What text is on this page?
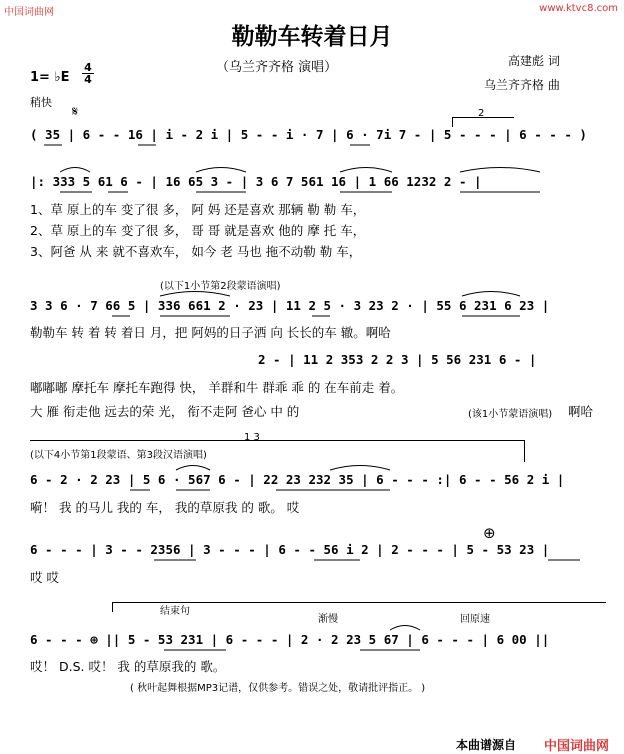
中国词曲网	www.ktvc8.com
勒勒车转着日月
（乌兰齐齐格 演唱）	高建彪 词
乌兰齐齐格 曲
1= ♭E
4
4
稍快
𝄋	2
( 35 | 6 - - 16 | i - 2 i | 5 - - i · 7 | 6 · 7i 7 - | 5 - - - | 6 - - - )
|: 333 5 61 6 - | 16 65 3 - | 3 6 7 561 16 | 1 66 1232 2 - |
1、草 原上的车 变了很 多， 阿 妈 还是喜欢 那辆 勒 勒 车，
2、草 原上的车 变了很 多， 哥 哥 就是喜欢 他的 摩 托 车，
3、阿爸 从 来 就不喜欢车， 如今 老 马也 拖不动勒 勒 车，
(以下1小节第2段蒙语演唱)
3 3 6 · 7 66 5 | 336 661 2 · 23 | 11 2 5 · 3 23 2 · | 55 6 231 6 23 |
勒勒车 转 着 转 着日 月，把 阿妈的日子洒 向 长长的车 辙。啊哈
2 - | 11 2 353 2 2 3 | 5 56 231 6 - |
嘟嘟嘟 摩托车 摩托车跑得 快， 羊群和牛 群乖 乖 的 在车前走 着。
大 雁 衔走他 远去的荣 光， 衔不走阿 爸心 中 的	(该1小节蒙语演唱) 啊哈
1 3
(以下4小节第1段蒙语、第3段汉语演唱)
6 - 2 · 2 23 | 5 6 · 567 6 - | 22 23 232 35 | 6 - - - :| 6 - - 56 2 i |
嗬！ 我 的马儿 我的 车， 我的草原我 的 歌。 哎
⊕
6 - - - | 3 - - 2356 | 3 - - - | 6 - - 56 i 2 | 2 - - - | 5 - 53 23 |
哎 哎
结束句
渐慢	回原速
6 - - - ⊕ || 5 - 53 231 | 6 - - - | 2 · 2 23 5 67 | 6 - - - | 6 00 ||
哎！ D.S. 哎！ 我 的草原我的 歌。
( 秋叶起舞根据MP3记谱，仅供参考。错误之处，敬请批评指正。 )
本曲谱源自 中国词曲网
